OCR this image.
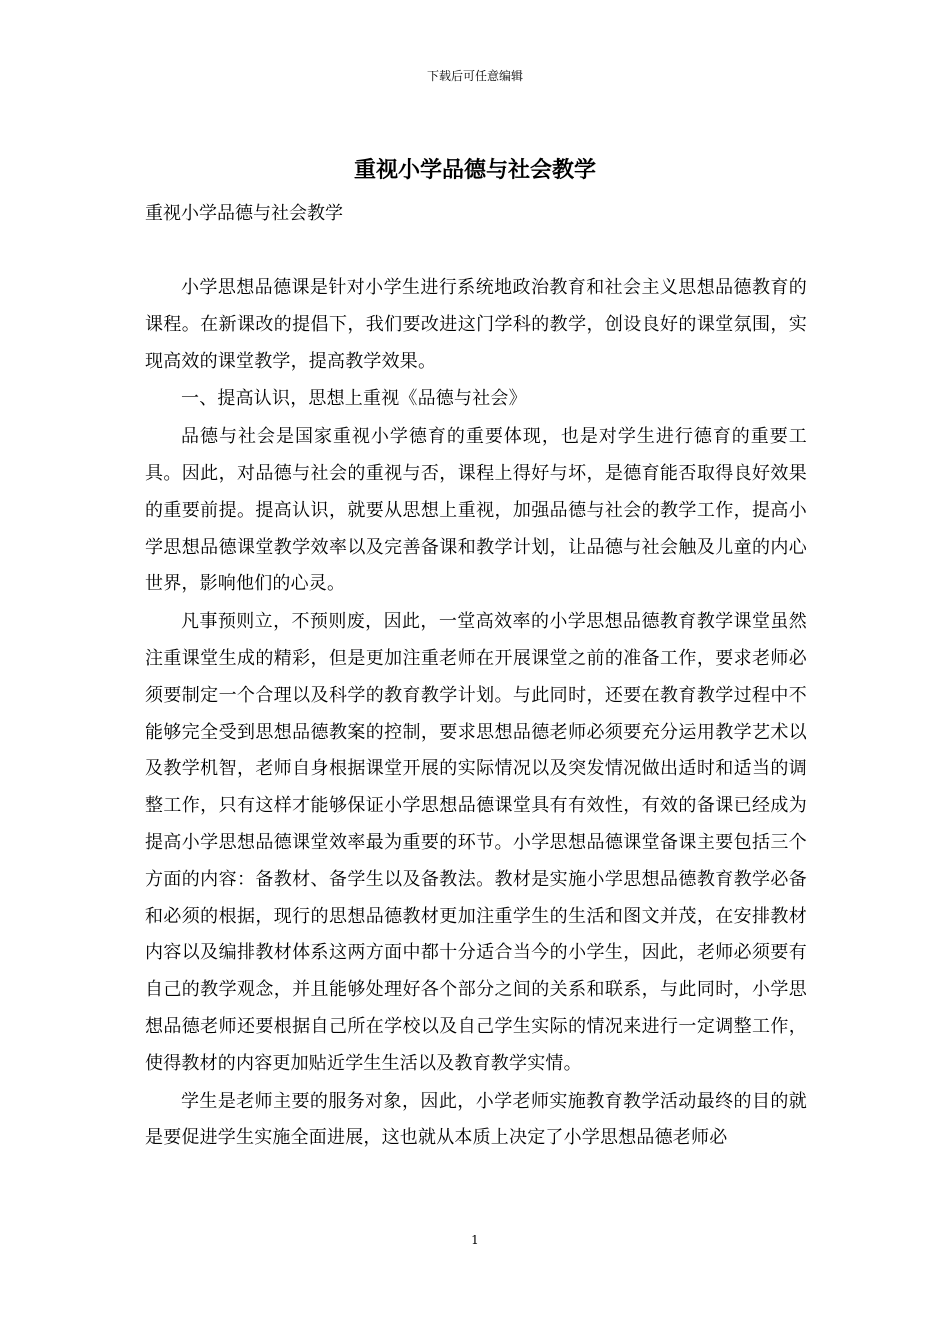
下载后可任意编辑
重视小学品德与社会教学
重视小学品德与社会教学

小学思想品德课是针对小学生进行系统地政治教育和社会主义思想品德教育的课程。在新课改的提倡下，我们要改进这门学科的教学，创设良好的课堂氛围，实现高效的课堂教学，提高教学效果。

一、提高认识，思想上重视《品德与社会》

品德与社会是国家重视小学德育的重要体现，也是对学生进行德育的重要工具。因此，对品德与社会的重视与否，课程上得好与坏，是德育能否取得良好效果的重要前提。提高认识，就要从思想上重视，加强品德与社会的教学工作，提高小学思想品德课堂教学效率以及完善备课和教学计划，让品德与社会触及儿童的内心世界，影响他们的心灵。

凡事预则立，不预则废，因此，一堂高效率的小学思想品德教育教学课堂虽然注重课堂生成的精彩，但是更加注重老师在开展课堂之前的准备工作，要求老师必须要制定一个合理以及科学的教育教学计划。与此同时，还要在教育教学过程中不能够完全受到思想品德教案的控制，要求思想品德老师必须要充分运用教学艺术以及教学机智，老师自身根据课堂开展的实际情况以及突发情况做出适时和适当的调整工作，只有这样才能够保证小学思想品德课堂具有有效性，有效的备课已经成为提高小学思想品德课堂效率最为重要的环节。小学思想品德课堂备课主要包括三个方面的内容：备教材、备学生以及备教法。教材是实施小学思想品德教育教学必备和必须的根据，现行的思想品德教材更加注重学生的生活和图文并茂，在安排教材内容以及编排教材体系这两方面中都十分适合当今的小学生，因此，老师必须要有自己的教学观念，并且能够处理好各个部分之间的关系和联系，与此同时，小学思想品德老师还要根据自己所在学校以及自己学生实际的情况来进行一定调整工作，使得教材的内容更加贴近学生生活以及教育教学实情。

学生是老师主要的服务对象，因此，小学老师实施教育教学活动最终的目的就是要促进学生实施全面进展，这也就从本质上决定了小学思想品德老师必

1
